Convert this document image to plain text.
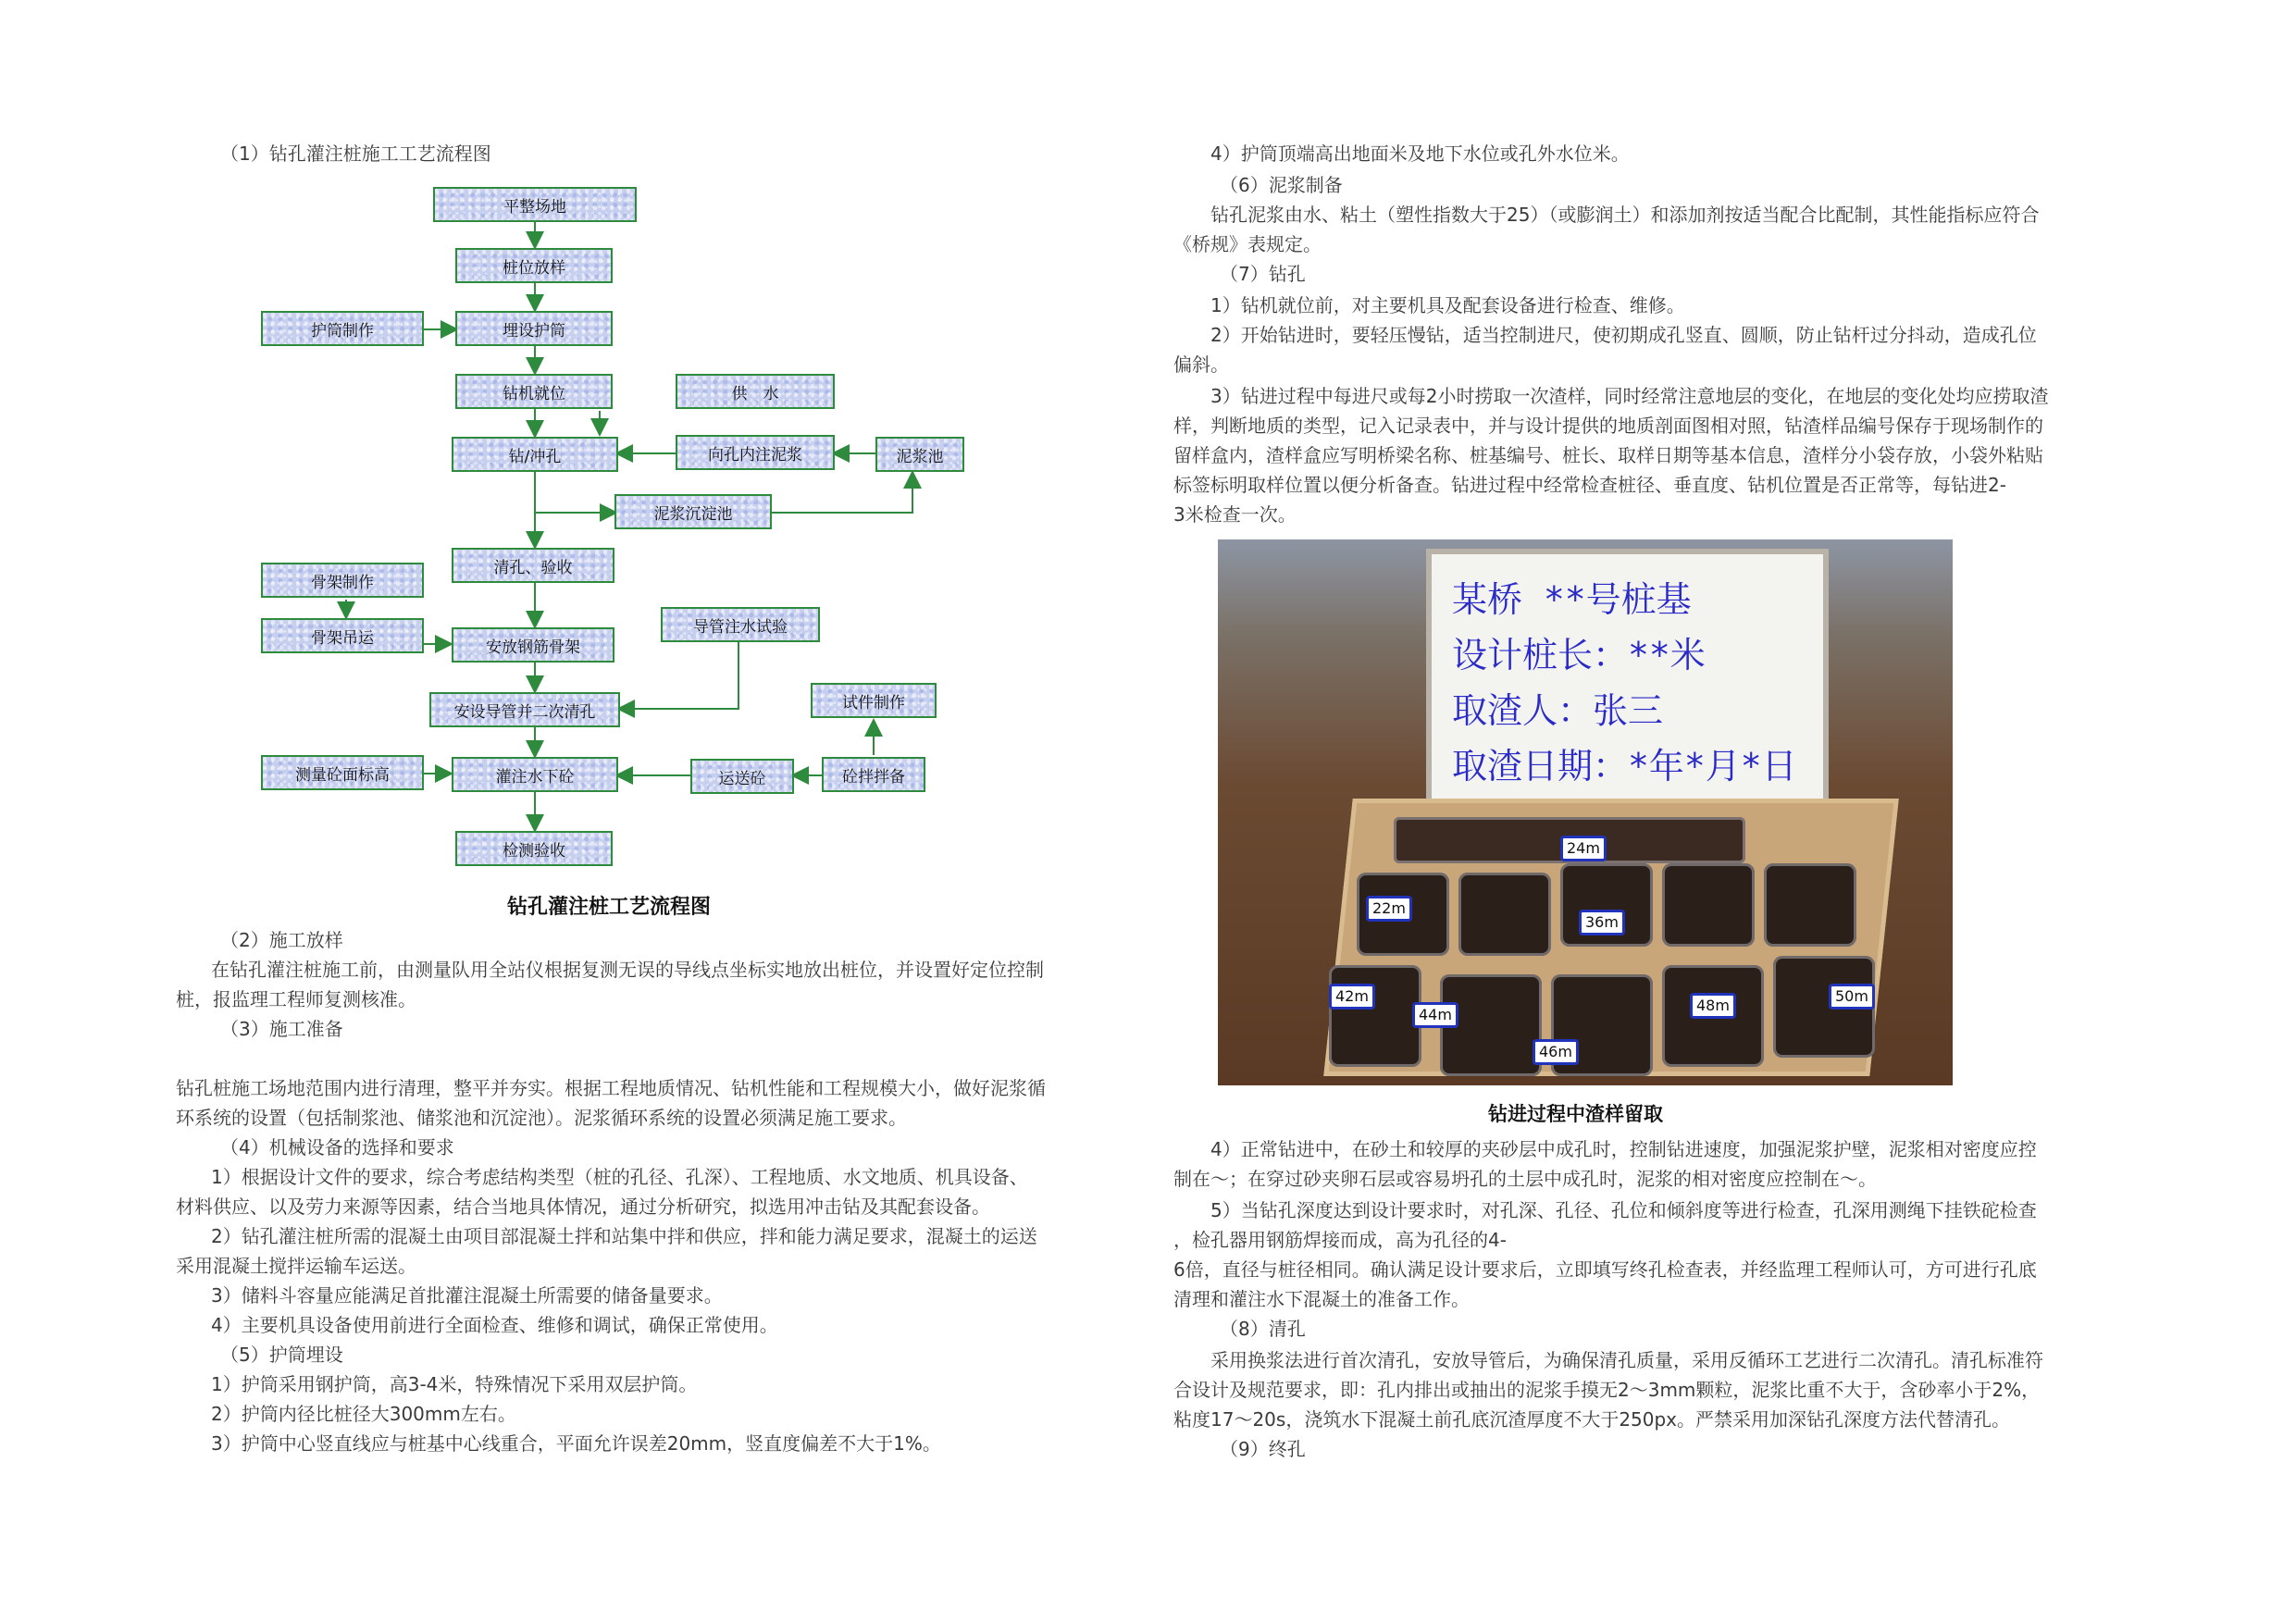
（1）钻孔灌注桩施工工艺流程图
平整场地
桩位放样
护筒制作	埋设护筒
钻机就位	供　水
钻/冲孔	向孔内注泥浆	泥浆池
泥浆沉淀池
清孔、验收
骨架制作
骨架吊运	安放钢筋骨架
导管注水试验
安设导管并二次清孔	试件制作
测量砼面标高	灌注水下砼	运送砼	砼拌拌备
检测验收
钻孔灌注桩工艺流程图
（2）施工放样
在钻孔灌注桩施工前，由测量队用全站仪根据复测无误的导线点坐标实地放出桩位，并设置好定位控制
桩，报监理工程师复测核准。
（3）施工准备
钻孔桩施工场地范围内进行清理，整平并夯实。根据工程地质情况、钻机性能和工程规模大小，做好泥浆循
环系统的设置（包括制浆池、储浆池和沉淀池）。泥浆循环系统的设置必须满足施工要求。
（4）机械设备的选择和要求
1）根据设计文件的要求，综合考虑结构类型（桩的孔径、孔深）、工程地质、水文地质、机具设备、
材料供应、以及劳力来源等因素，结合当地具体情况，通过分析研究，拟选用冲击钻及其配套设备。
2）钻孔灌注桩所需的混凝土由项目部混凝土拌和站集中拌和供应，拌和能力满足要求，混凝土的运送
采用混凝土搅拌运输车运送。
3）储料斗容量应能满足首批灌注混凝土所需要的储备量要求。
4）主要机具设备使用前进行全面检查、维修和调试，确保正常使用。
（5）护筒埋设
1）护筒采用钢护筒，高3-4米，特殊情况下采用双层护筒。
2）护筒内径比桩径大300mm左右。
3）护筒中心竖直线应与桩基中心线重合，平面允许误差20mm，竖直度偏差不大于1%。
4）护筒顶端高出地面米及地下水位或孔外水位米。
（6）泥浆制备
钻孔泥浆由水、粘土（塑性指数大于25）（或膨润土）和添加剂按适当配合比配制，其性能指标应符合
《桥规》表规定。
（7）钻孔
1）钻机就位前，对主要机具及配套设备进行检查、维修。
2）开始钻进时，要轻压慢钻，适当控制进尺，使初期成孔竖直、圆顺，防止钻杆过分抖动，造成孔位
偏斜。
3）钻进过程中每进尺或每2小时捞取一次渣样，同时经常注意地层的变化，在地层的变化处均应捞取渣
样，判断地质的类型，记入记录表中，并与设计提供的地质剖面图相对照，钻渣样品编号保存于现场制作的
留样盒内，渣样盒应写明桥梁名称、桩基编号、桩长、取样日期等基本信息，渣样分小袋存放，小袋外粘贴
标签标明取样位置以便分析备查。钻进过程中经常检查桩径、垂直度、钻机位置是否正常等，每钻进2-
3米检查一次。
某桥 **号桩基
设计桩长：**米
取渣人：张三
取渣日期：*年*月*日
42m
44m
46m
48m
50m
36m
22m
24m
钻进过程中渣样留取
4）正常钻进中，在砂土和较厚的夹砂层中成孔时，控制钻进速度，加强泥浆护壁，泥浆相对密度应控
制在～；在穿过砂夹卵石层或容易坍孔的土层中成孔时，泥浆的相对密度应控制在～。
5）当钻孔深度达到设计要求时，对孔深、孔径、孔位和倾斜度等进行检查，孔深用测绳下挂铁砣检查
，检孔器用钢筋焊接而成，高为孔径的4-
6倍，直径与桩径相同。确认满足设计要求后，立即填写终孔检查表，并经监理工程师认可，方可进行孔底
清理和灌注水下混凝土的准备工作。
（8）清孔
采用换浆法进行首次清孔，安放导管后，为确保清孔质量，采用反循环工艺进行二次清孔。清孔标准符
合设计及规范要求，即：孔内排出或抽出的泥浆手摸无2～3mm颗粒，泥浆比重不大于，含砂率小于2%，
粘度17～20s，浇筑水下混凝土前孔底沉渣厚度不大于250px。严禁采用加深钻孔深度方法代替清孔。
（9）终孔
